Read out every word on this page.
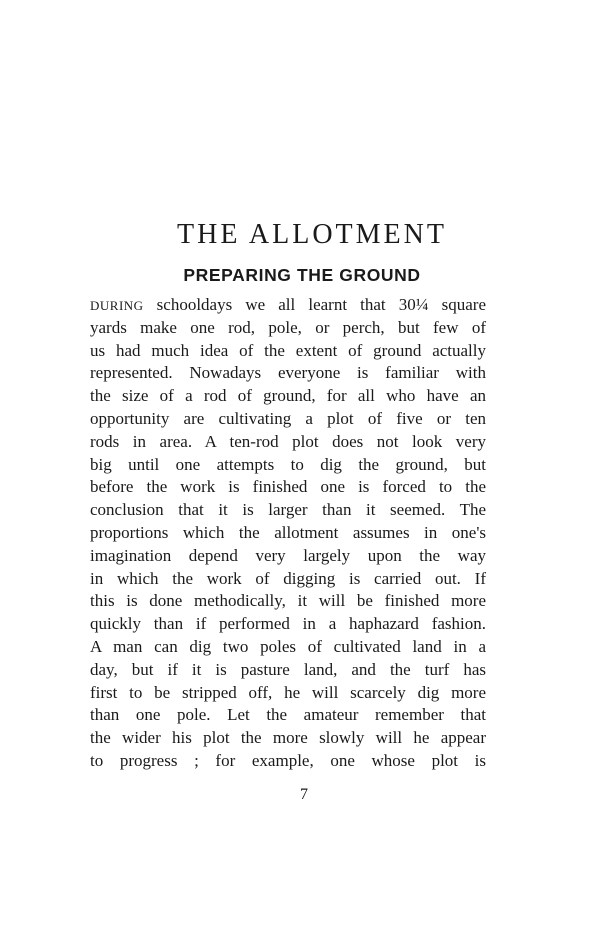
THE ALLOTMENT
PREPARING THE GROUND
DURING schooldays we all learnt that 30¼ square
yards make one rod, pole, or perch, but few of
us had much idea of the extent of ground actually
represented. Nowadays everyone is familiar with
the size of a rod of ground, for all who have an
opportunity are cultivating a plot of five or ten
rods in area. A ten-rod plot does not look very
big until one attempts to dig the ground, but
before the work is finished one is forced to the
conclusion that it is larger than it seemed. The
proportions which the allotment assumes in one's
imagination depend very largely upon the way
in which the work of digging is carried out. If
this is done methodically, it will be finished more
quickly than if performed in a haphazard fashion.
A man can dig two poles of cultivated land in a
day, but if it is pasture land, and the turf has
first to be stripped off, he will scarcely dig more
than one pole. Let the amateur remember that
the wider his plot the more slowly will he appear
to progress ; for example, one whose plot is
7
